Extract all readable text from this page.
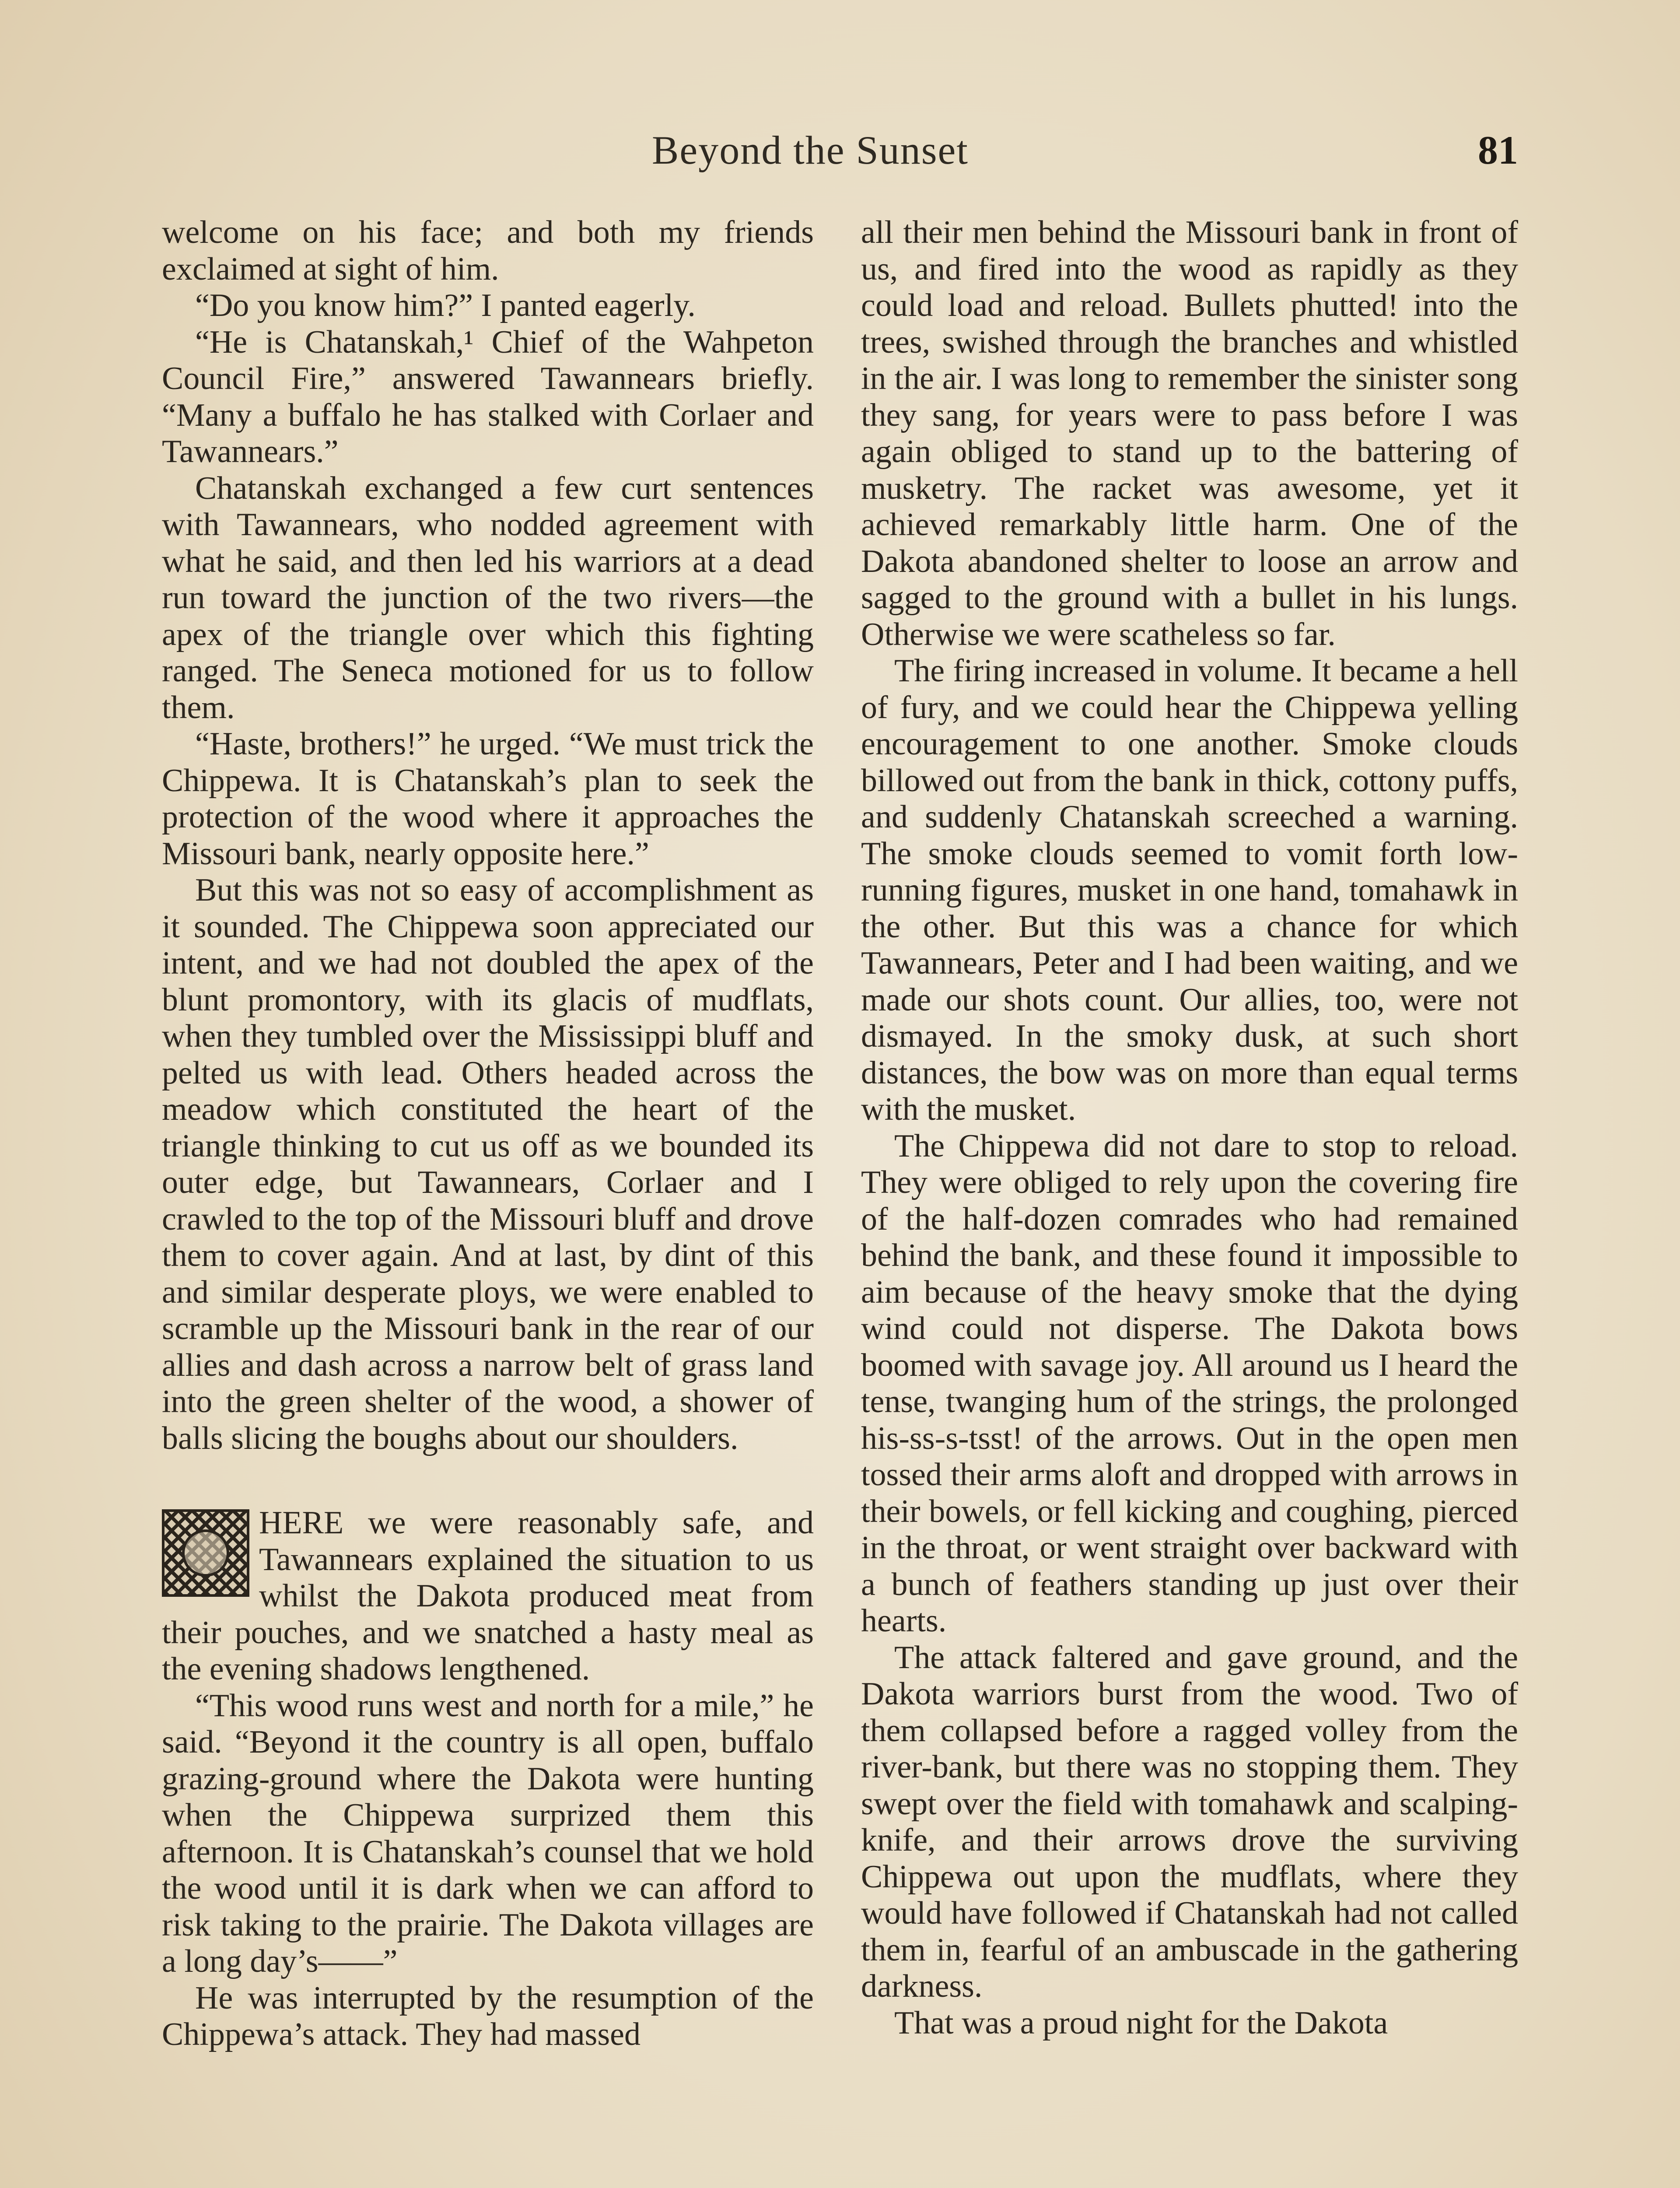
Beyond the Sunset	81

welcome on his face; and both my friends exclaimed at sight of him.

“Do you know him?” I panted eagerly.

“He is Chatanskah,¹ Chief of the Wahpeton Council Fire,” answered Tawannears briefly. “Many a buffalo he has stalked with Corlaer and Tawannears.”

Chatanskah exchanged a few curt sentences with Tawannears, who nodded agreement with what he said, and then led his warriors at a dead run toward the junction of the two rivers—the apex of the triangle over which this fighting ranged. The Seneca motioned for us to follow them.

“Haste, brothers!” he urged. “We must trick the Chippewa. It is Chatanskah’s plan to seek the protection of the wood where it approaches the Missouri bank, nearly opposite here.”

But this was not so easy of accomplishment as it sounded. The Chippewa soon appreciated our intent, and we had not doubled the apex of the blunt promontory, with its glacis of mudflats, when they tumbled over the Mississippi bluff and pelted us with lead. Others headed across the meadow which constituted the heart of the triangle thinking to cut us off as we bounded its outer edge, but Tawannears, Corlaer and I crawled to the top of the Missouri bluff and drove them to cover again. And at last, by dint of this and similar desperate ploys, we were enabled to scramble up the Missouri bank in the rear of our allies and dash across a narrow belt of grass land into the green shelter of the wood, a shower of balls slicing the boughs about our shoulders.

HERE we were reasonably safe, and Tawannears explained the situation to us whilst the Dakota produced meat from their pouches, and we snatched a hasty meal as the evening shadows lengthened.

“This wood runs west and north for a mile,” he said. “Beyond it the country is all open, buffalo grazing-ground where the Dakota were hunting when the Chippewa surprized them this afternoon. It is Chatanskah’s counsel that we hold the wood until it is dark when we can afford to risk taking to the prairie. The Dakota villages are a long day’s——”

He was interrupted by the resumption of the Chippewa’s attack. They had massed

all their men behind the Missouri bank in front of us, and fired into the wood as rapidly as they could load and reload. Bullets phutted! into the trees, swished through the branches and whistled in the air. I was long to remember the sinister song they sang, for years were to pass before I was again obliged to stand up to the battering of musketry. The racket was awesome, yet it achieved remarkably little harm. One of the Dakota abandoned shelter to loose an arrow and sagged to the ground with a bullet in his lungs. Otherwise we were scatheless so far.

The firing increased in volume. It became a hell of fury, and we could hear the Chippewa yelling encouragement to one another. Smoke clouds billowed out from the bank in thick, cottony puffs, and suddenly Chatanskah screeched a warning. The smoke clouds seemed to vomit forth low-running figures, musket in one hand, tomahawk in the other. But this was a chance for which Tawannears, Peter and I had been waiting, and we made our shots count. Our allies, too, were not dismayed. In the smoky dusk, at such short distances, the bow was on more than equal terms with the musket.

The Chippewa did not dare to stop to reload. They were obliged to rely upon the covering fire of the half-dozen comrades who had remained behind the bank, and these found it impossible to aim because of the heavy smoke that the dying wind could not disperse. The Dakota bows boomed with savage joy. All around us I heard the tense, twanging hum of the strings, the prolonged his-ss-s-tsst! of the arrows. Out in the open men tossed their arms aloft and dropped with arrows in their bowels, or fell kicking and coughing, pierced in the throat, or went straight over backward with a bunch of feathers standing up just over their hearts.

The attack faltered and gave ground, and the Dakota warriors burst from the wood. Two of them collapsed before a ragged volley from the river-bank, but there was no stopping them. They swept over the field with tomahawk and scalping-knife, and their arrows drove the surviving Chippewa out upon the mudflats, where they would have followed if Chatanskah had not called them in, fearful of an ambuscade in the gathering darkness.

That was a proud night for the Dakota
